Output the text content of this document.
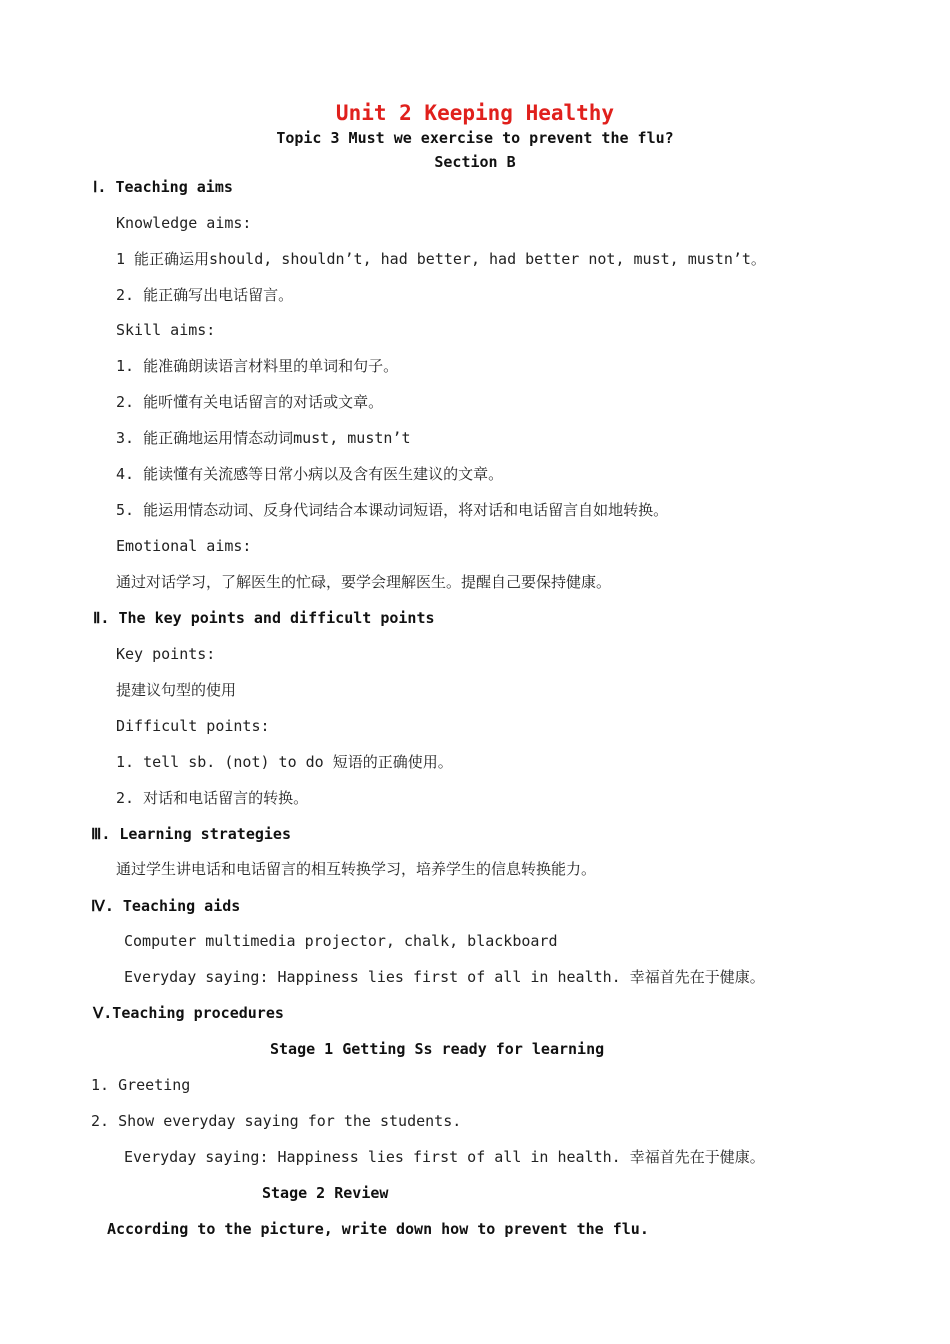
Unit 2 Keeping Healthy
Topic 3 Must we exercise to prevent the flu?
Section B
Ⅰ. Teaching aims
Knowledge aims:
1 能正确运用should, shouldn’t, had better, had better not, must, mustn’t。
2. 能正确写出电话留言。
Skill aims:
1. 能准确朗读语言材料里的单词和句子。
2. 能听懂有关电话留言的对话或文章。
3. 能正确地运用情态动词must, mustn’t
4. 能读懂有关流感等日常小病以及含有医生建议的文章。
5. 能运用情态动词、反身代词结合本课动词短语，将对话和电话留言自如地转换。
Emotional aims:
通过对话学习，了解医生的忙碌，要学会理解医生。提醒自己要保持健康。
Ⅱ. The key points and difficult points
Key points:
提建议句型的使用
Difficult points:
1. tell sb. (not) to do 短语的正确使用。
2. 对话和电话留言的转换。
Ⅲ. Learning strategies
通过学生讲电话和电话留言的相互转换学习，培养学生的信息转换能力。
Ⅳ. Teaching aids
Computer multimedia projector, chalk, blackboard
Everyday saying: Happiness lies first of all in health. 幸福首先在于健康。
Ⅴ.Teaching procedures
Stage 1 Getting Ss ready for learning
1. Greeting
2. Show everyday saying for the students.
Everyday saying: Happiness lies first of all in health. 幸福首先在于健康。
Stage 2 Review
According to the picture, write down how to prevent the flu.
